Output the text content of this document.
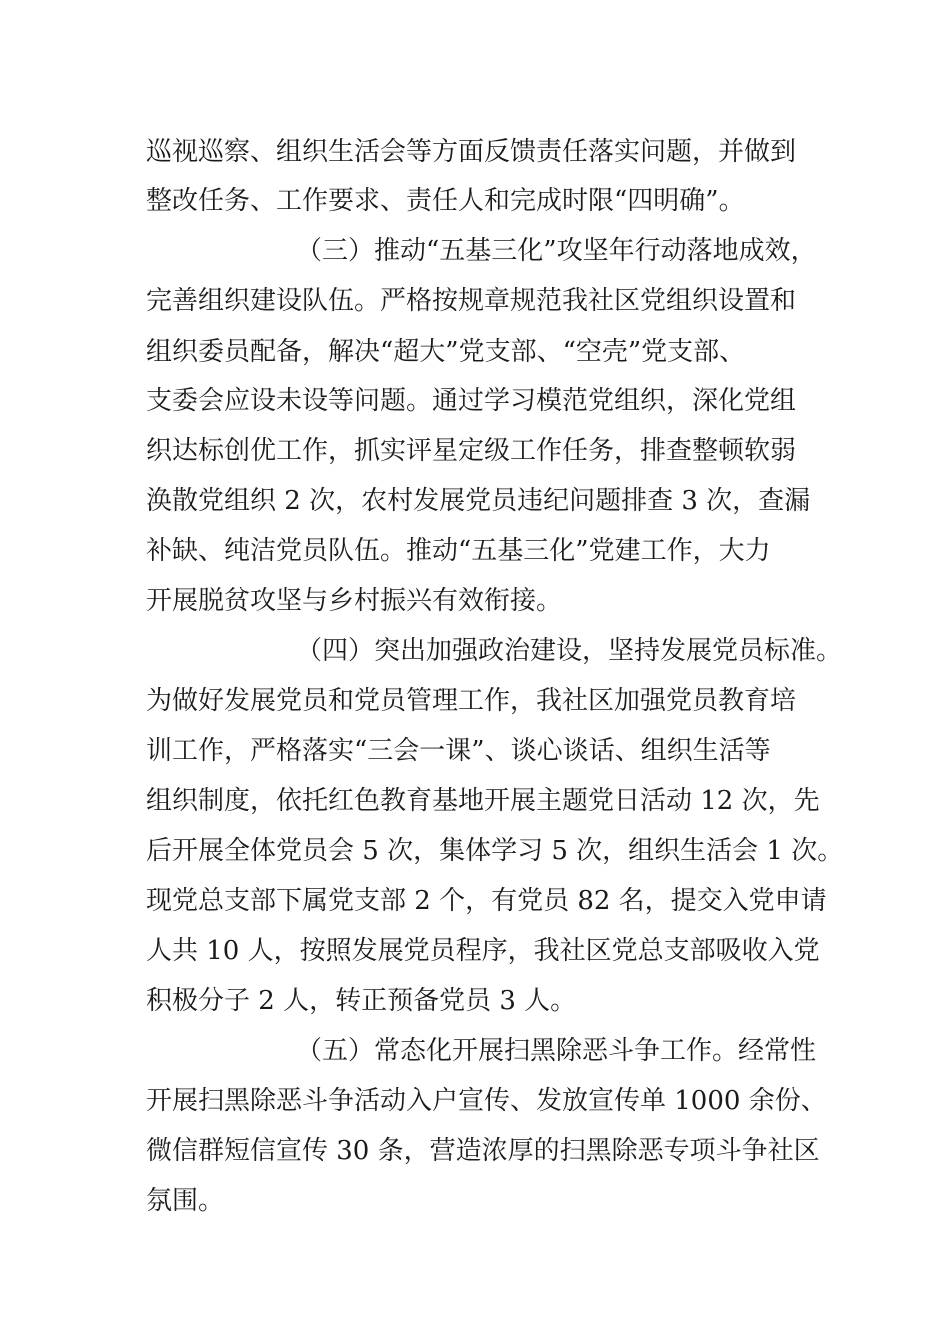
巡视巡察、组织生活会等方面反馈责任落实问题，并做到
整改任务、工作要求、责任人和完成时限“四明确”。
（三）推动“五基三化”攻坚年行动落地成效，
完善组织建设队伍。严格按规章规范我社区党组织设置和
组织委员配备，解决“超大”党支部、“空壳”党支部、
支委会应设未设等问题。通过学习模范党组织，深化党组
织达标创优工作，抓实评星定级工作任务，排查整顿软弱
涣散党组织 2 次，农村发展党员违纪问题排查 3 次，查漏
补缺、纯洁党员队伍。推动“五基三化”党建工作，大力
开展脱贫攻坚与乡村振兴有效衔接。
（四）突出加强政治建设，坚持发展党员标准。
为做好发展党员和党员管理工作，我社区加强党员教育培
训工作，严格落实“三会一课”、谈心谈话、组织生活等
组织制度，依托红色教育基地开展主题党日活动 12 次，先
后开展全体党员会 5 次，集体学习 5 次，组织生活会 1 次。
现党总支部下属党支部 2 个，有党员 82 名，提交入党申请
人共 10 人，按照发展党员程序，我社区党总支部吸收入党
积极分子 2 人，转正预备党员 3 人。
（五）常态化开展扫黑除恶斗争工作。经常性
开展扫黑除恶斗争活动入户宣传、发放宣传单 1000 余份、
微信群短信宣传 30 条，营造浓厚的扫黑除恶专项斗争社区
氛围。
